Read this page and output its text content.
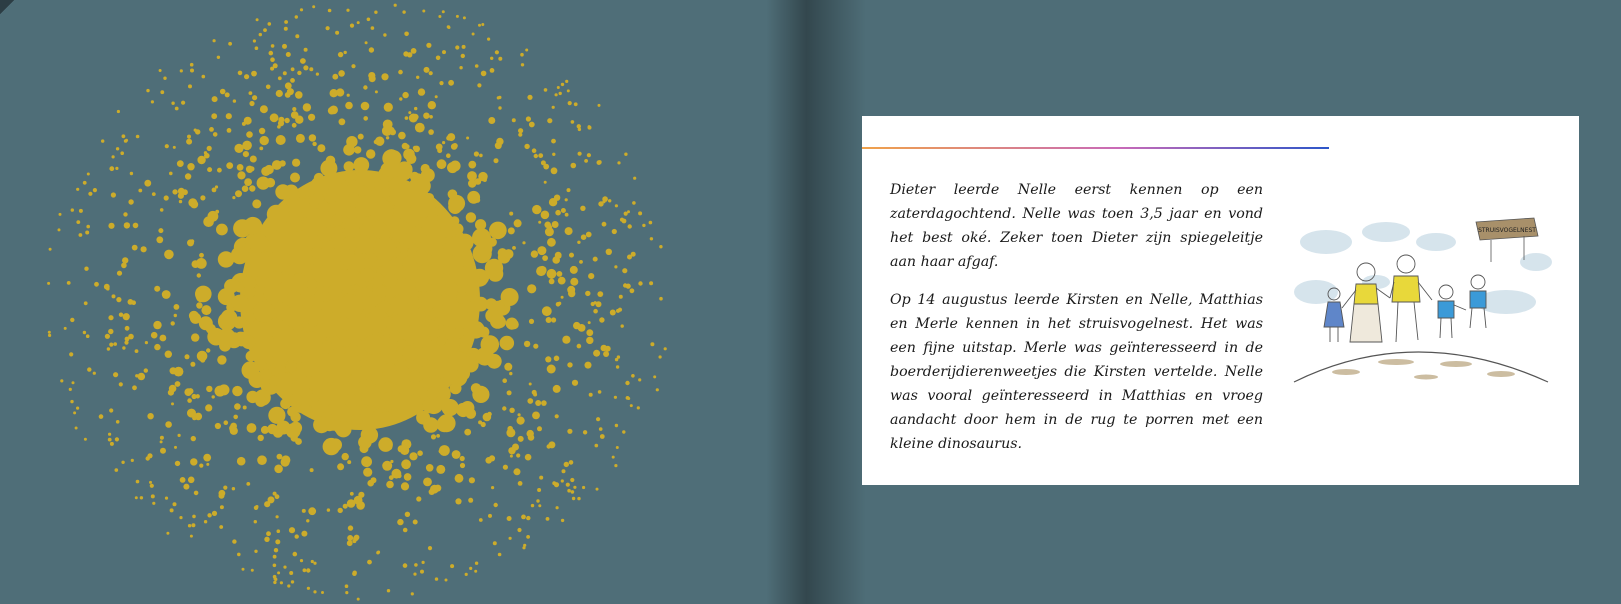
Dieter leerde Nelle eerst kennen op een zaterdagochtend. Nelle was toen 3,5 jaar en vond het best oké. Zeker toen Dieter zijn spiegeleitje aan haar afgaf.

Op 14 augustus leerde Kirsten en Nelle, Matthias en Merle kennen in het struisvogelnest. Het was een fijne uitstap. Merle was geïnteresseerd in de boerderijdierenweetjes die Kirsten vertelde. Nelle was vooral geïnteresseerd in Matthias en vroeg aandacht door hem in de rug te porren met een kleine dinosaurus.

STRUISVOGELNEST
